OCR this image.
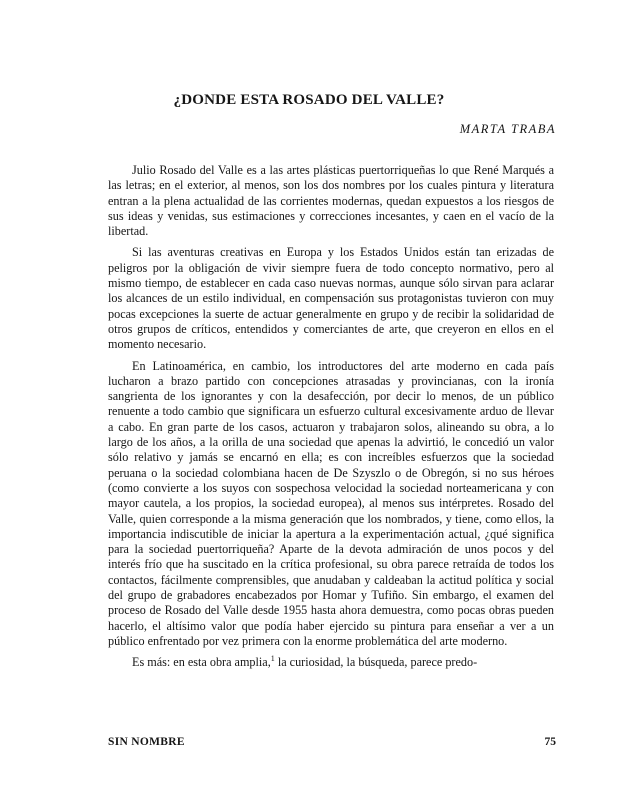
¿DONDE ESTA ROSADO DEL VALLE?
MARTA TRABA

Julio Rosado del Valle es a las artes plásticas puertorriqueñas lo que René Marqués a las letras; en el exterior, al menos, son los dos nombres por los cuales pintura y literatura entran a la plena actualidad de las corrientes modernas, quedan expuestos a los riesgos de sus ideas y venidas, sus estimaciones y correcciones incesantes, y caen en el vacío de la libertad.

Si las aventuras creativas en Europa y los Estados Unidos están tan erizadas de peligros por la obligación de vivir siempre fuera de todo concepto normativo, pero al mismo tiempo, de establecer en cada caso nuevas normas, aunque sólo sirvan para aclarar los alcances de un estilo individual, en compensación sus protagonistas tuvieron con muy pocas excepciones la suerte de actuar generalmente en grupo y de recibir la solidaridad de otros grupos de críticos, entendidos y comerciantes de arte, que creyeron en ellos en el momento necesario.

En Latinoamérica, en cambio, los introductores del arte moderno en cada país lucharon a brazo partido con concepciones atrasadas y provincianas, con la ironía sangrienta de los ignorantes y con la desafección, por decir lo menos, de un público renuente a todo cambio que significara un esfuerzo cultural excesivamente arduo de llevar a cabo. En gran parte de los casos, actuaron y trabajaron solos, alineando su obra, a lo largo de los años, a la orilla de una sociedad que apenas la advirtió, le concedió un valor sólo relativo y jamás se encarnó en ella; es con increíbles esfuerzos que la sociedad peruana o la sociedad colombiana hacen de De Szyszlo o de Obregón, si no sus héroes (como convierte a los suyos con sospechosa velocidad la sociedad norteamericana y con mayor cautela, a los propios, la sociedad europea), al menos sus intérpretes. Rosado del Valle, quien corresponde a la misma generación que los nombrados, y tiene, como ellos, la importancia indiscutible de iniciar la apertura a la experimentación actual, ¿qué significa para la sociedad puertorriqueña? Aparte de la devota admiración de unos pocos y del interés frío que ha suscitado en la crítica profesional, su obra parece retraída de todos los contactos, fácilmente comprensibles, que anudaban y caldeaban la actitud política y social del grupo de grabadores encabezados por Homar y Tufiño. Sin embargo, el examen del proceso de Rosado del Valle desde 1955 hasta ahora demuestra, como pocas obras pueden hacerlo, el altísimo valor que podía haber ejercido su pintura para enseñar a ver a un público enfrentado por vez primera con la enorme problemática del arte moderno.

Es más: en esta obra amplia,$^1$ la curiosidad, la búsqueda, parece predo-

SIN NOMBRE	75
